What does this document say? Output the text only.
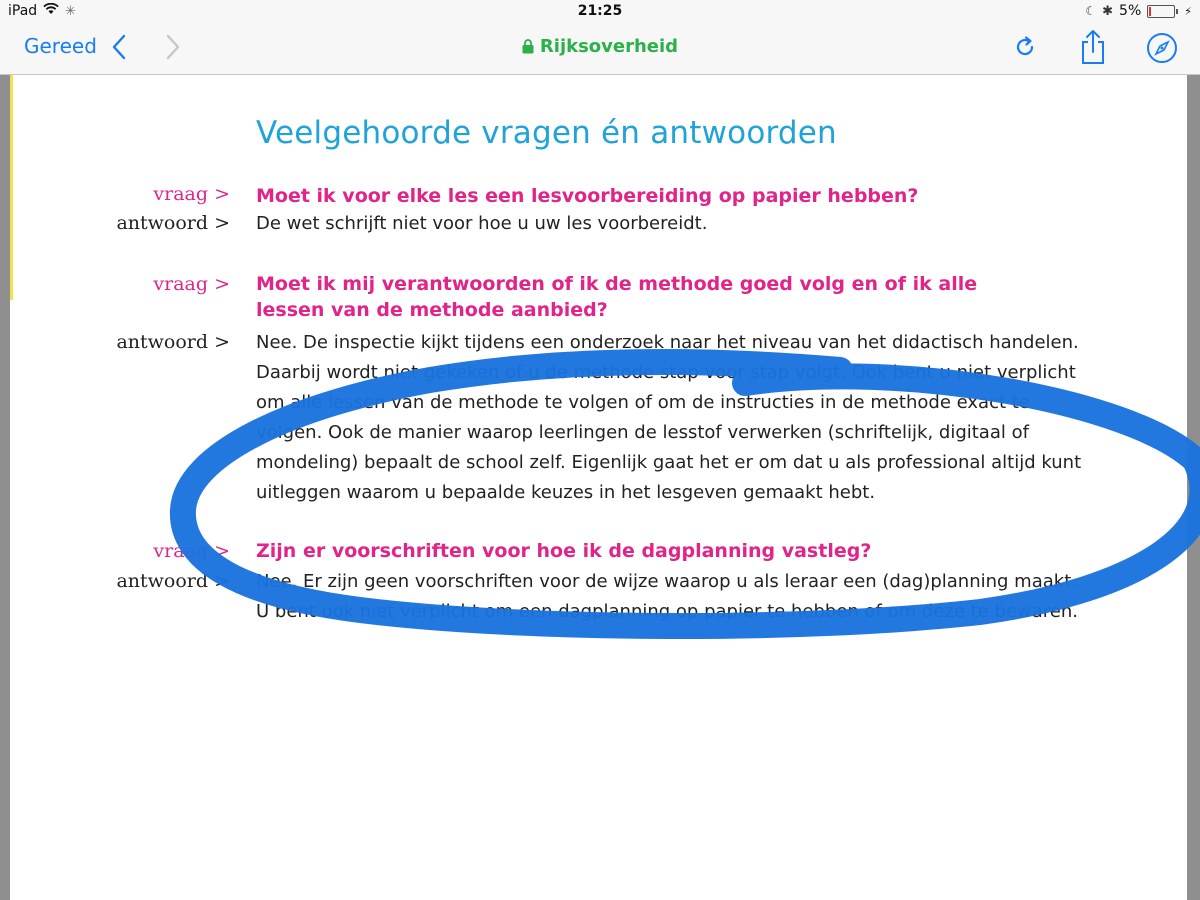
iPad ✳	21:25	☾ ✱ 5%	⚡
Gereed	Rijksoverheid
Veelgehoorde vragen én antwoorden
vraag > Moet ik voor elke les een lesvoorbereiding op papier hebben?
antwoord > De wet schrijft niet voor hoe u uw les voorbereidt.
vraag > Moet ik mij verantwoorden of ik de methode goed volg en of ik alle lessen van de methode aanbied?
antwoord > Nee. De inspectie kijkt tijdens een onderzoek naar het niveau van het didactisch handelen. Daarbij wordt niet gekeken of u de methode stap voor stap volgt. Ook bent u niet verplicht om alle lessen van de methode te volgen of om de instructies in de methode exact te volgen. Ook de manier waarop leerlingen de lesstof verwerken (schriftelijk, digitaal of mondeling) bepaalt de school zelf. Eigenlijk gaat het er om dat u als professional altijd kunt uitleggen waarom u bepaalde keuzes in het lesgeven gemaakt hebt.
vraag > Zijn er voorschriften voor hoe ik de dagplanning vastleg?
antwoord > Nee. Er zijn geen voorschriften voor de wijze waarop u als leraar een (dag)planning maakt. U bent ook niet verplicht om een dagplanning op papier te hebben of om deze te bewaren.
